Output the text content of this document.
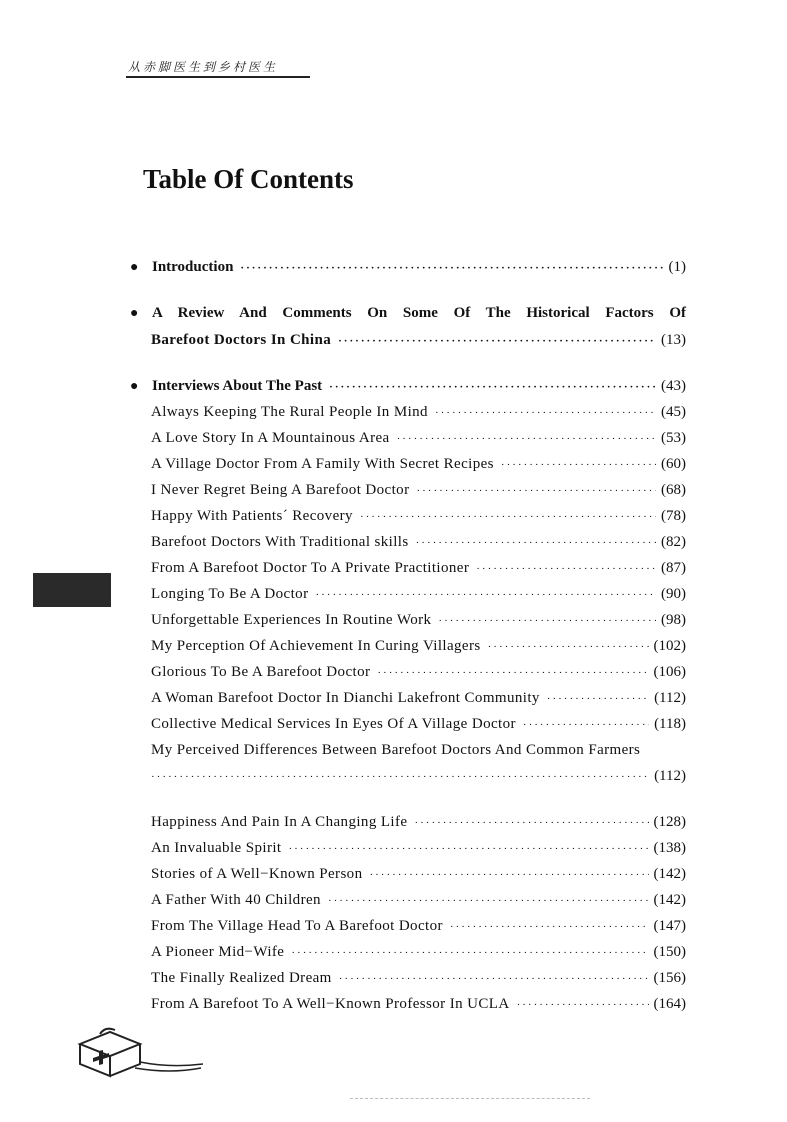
从赤脚医生到乡村医生
Table Of Contents
● Introduction ·····	(1)
● A Review And Comments On Some Of The Historical Factors Of
Barefoot Doctors In China ·····	(13)
● Interviews About The Past ·····	(43)
Always Keeping The Rural People In Mind ·····	(45)
A Love Story In A Mountainous Area ·····	(53)
A Village Doctor From A Family With Secret Recipes ·····	(60)
I Never Regret Being A Barefoot Doctor ·····	(68)
Happy With Patients´ Recovery ·····	(78)
Barefoot Doctors With Traditional skills ·····	(82)
From A Barefoot Doctor To A Private Practitioner ·····	(87)
Longing To Be A Doctor ·····	(90)
Unforgettable Experiences In Routine Work ·····	(98)
My Perception Of Achievement In Curing Villagers ·····	(102)
Glorious To Be A Barefoot Doctor ·····	(106)
A Woman Barefoot Doctor In Dianchi Lakefront Community ·····	(112)
Collective Medical Services In Eyes Of A Village Doctor ·····	(118)
My Perceived Differences Between Barefoot Doctors And Common Farmers
·····
(112)
Happiness And Pain In A Changing Life ·····	(128)
An Invaluable Spirit ·····	(138)
Stories of A Well−Known Person ·····	(142)
A Father With 40 Children ·····	(142)
From The Village Head To A Barefoot Doctor ·····	(147)
A Pioneer Mid−Wife ·····	(150)
The Finally Realized Dream ·····	(156)
From A Barefoot To A Well−Known Professor In UCLA ·····	(164)
